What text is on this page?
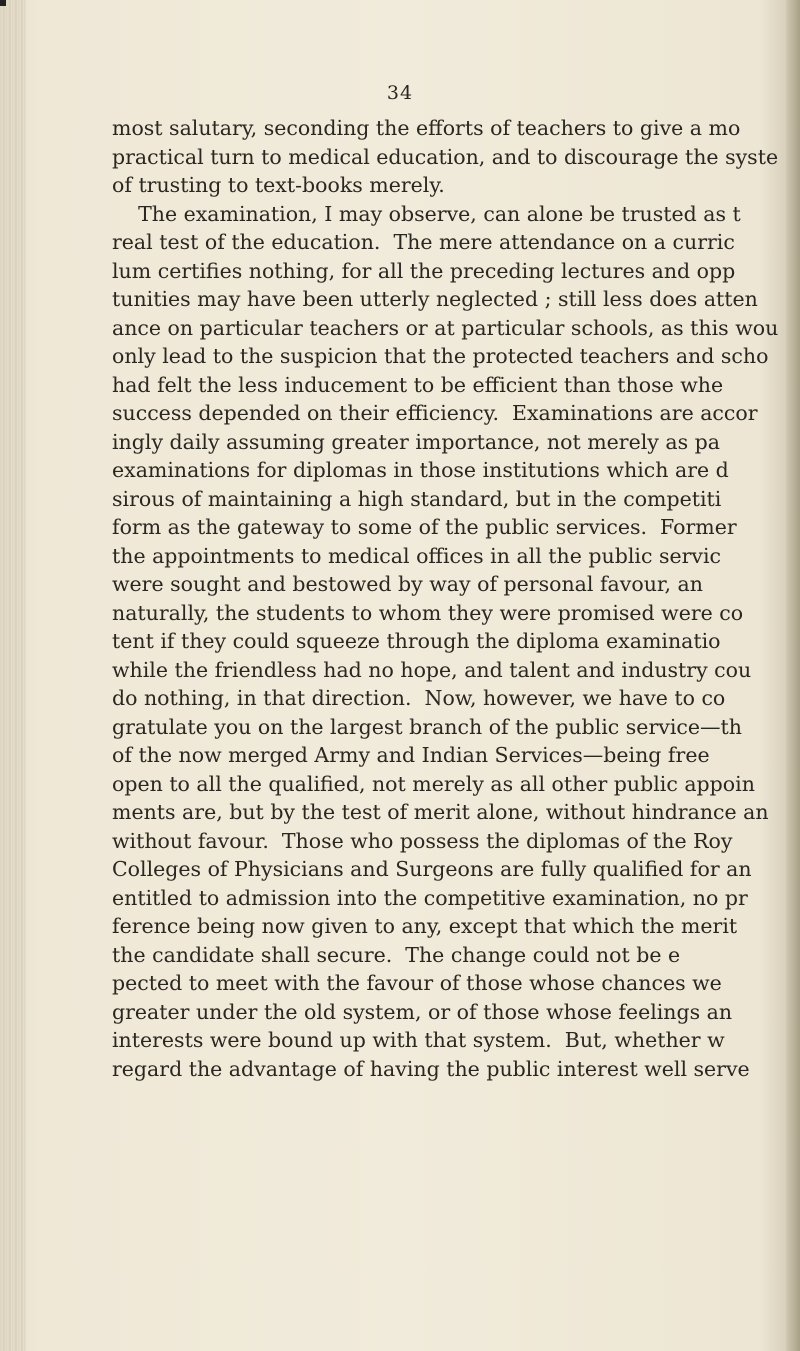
34
most salutary, seconding the efforts of teachers to give a mo
practical turn to medical education, and to discourage the syste
of trusting to text-books merely.
The examination, I may observe, can alone be trusted as t
real test of the education.  The mere attendance on a curric
lum certifies nothing, for all the preceding lectures and opp
tunities may have been utterly neglected ; still less does atten
ance on particular teachers or at particular schools, as this wou
only lead to the suspicion that the protected teachers and scho
had felt the less inducement to be efficient than those whe
success depended on their efficiency.  Examinations are accor
ingly daily assuming greater importance, not merely as pa
examinations for diplomas in those institutions which are d
sirous of maintaining a high standard, but in the competiti
form as the gateway to some of the public services.  Former
the appointments to medical offices in all the public servic
were sought and bestowed by way of personal favour, an
naturally, the students to whom they were promised were co
tent if they could squeeze through the diploma examinatio
while the friendless had no hope, and talent and industry cou
do nothing, in that direction.  Now, however, we have to co
gratulate you on the largest branch of the public service—th
of the now merged Army and Indian Services—being free
open to all the qualified, not merely as all other public appoin
ments are, but by the test of merit alone, without hindrance an
without favour.  Those who possess the diplomas of the Roy
Colleges of Physicians and Surgeons are fully qualified for an
entitled to admission into the competitive examination, no pr
ference being now given to any, except that which the merit
the candidate shall secure.  The change could not be e
pected to meet with the favour of those whose chances we
greater under the old system, or of those whose feelings an
interests were bound up with that system.  But, whether w
regard the advantage of having the public interest well serve
